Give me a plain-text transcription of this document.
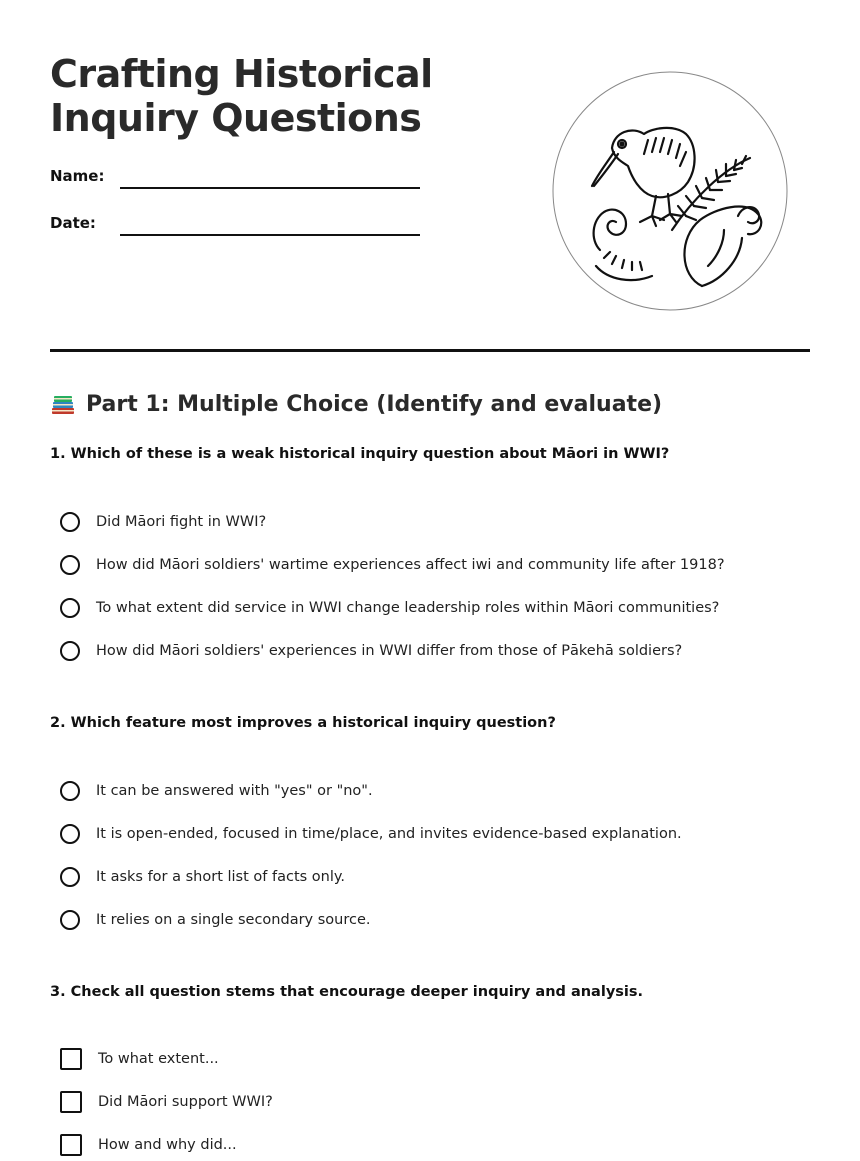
Crafting Historical
Inquiry Questions
Name:
Date:
Part 1: Multiple Choice (Identify and evaluate)

1. Which of these is a weak historical inquiry question about Māori in WWI?

Did Māori fight in WWI?
How did Māori soldiers' wartime experiences affect iwi and community life after 1918?
To what extent did service in WWI change leadership roles within Māori communities?
How did Māori soldiers' experiences in WWI differ from those of Pākehā soldiers?

2. Which feature most improves a historical inquiry question?

It can be answered with "yes" or "no".
It is open-ended, focused in time/place, and invites evidence-based explanation.
It asks for a short list of facts only.
It relies on a single secondary source.

3. Check all question stems that encourage deeper inquiry and analysis.

To what extent...
Did Māori support WWI?
How and why did...
